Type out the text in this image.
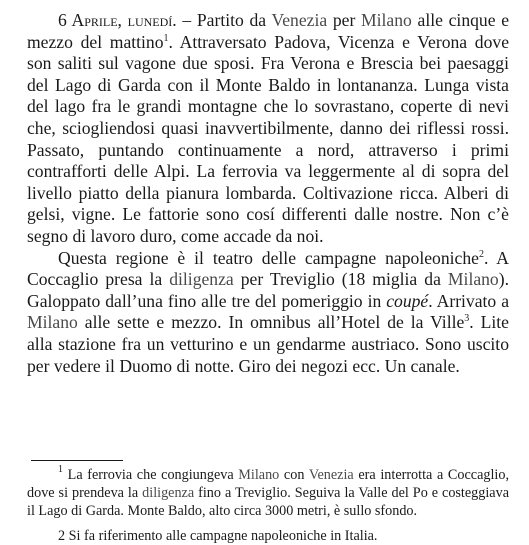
6 Aprile, lunedí. – Partito da Venezia per Milano alle cinque e mezzo del mattino$^1$. Attraversato Padova, Vicenza e Verona dove son saliti sul vagone due sposi. Fra Verona e Brescia bei paesaggi del Lago di Garda con il Monte Baldo in lontananza. Lunga vista del lago fra le grandi montagne che lo sovrastano, coperte di nevi che, sciogliendosi quasi inavvertibilmente, danno dei riflessi rossi. Passato, puntando continuamente a nord, attraverso i primi contrafforti delle Alpi. La ferrovia va leggermente al di sopra del livello piatto della pianura lombarda. Coltivazione ricca. Alberi di gelsi, vigne. Le fattorie sono cosí differenti dalle nostre. Non c’è segno di lavoro duro, come accade da noi.

Questa regione è il teatro delle campagne napoleoniche$^2$. A Coccaglio presa la diligenza per Treviglio (18 miglia da Milano). Galoppato dall’una fino alle tre del pomeriggio in coupé. Arrivato a Milano alle sette e mezzo. In omnibus all’Hotel de la Ville$^3$. Lite alla stazione fra un vetturino e un gendarme austriaco. Sono uscito per vedere il Duomo di notte. Giro dei negozi ecc. Un canale.

$^1$ La ferrovia che congiungeva Milano con Venezia era interrotta a Coccaglio, dove si prendeva la diligenza fino a Treviglio. Seguiva la Valle del Po e costeggiava il Lago di Garda. Monte Baldo, alto circa 3000 metri, è sullo sfondo.

2 Si fa riferimento alle campagne napoleoniche in Italia.
